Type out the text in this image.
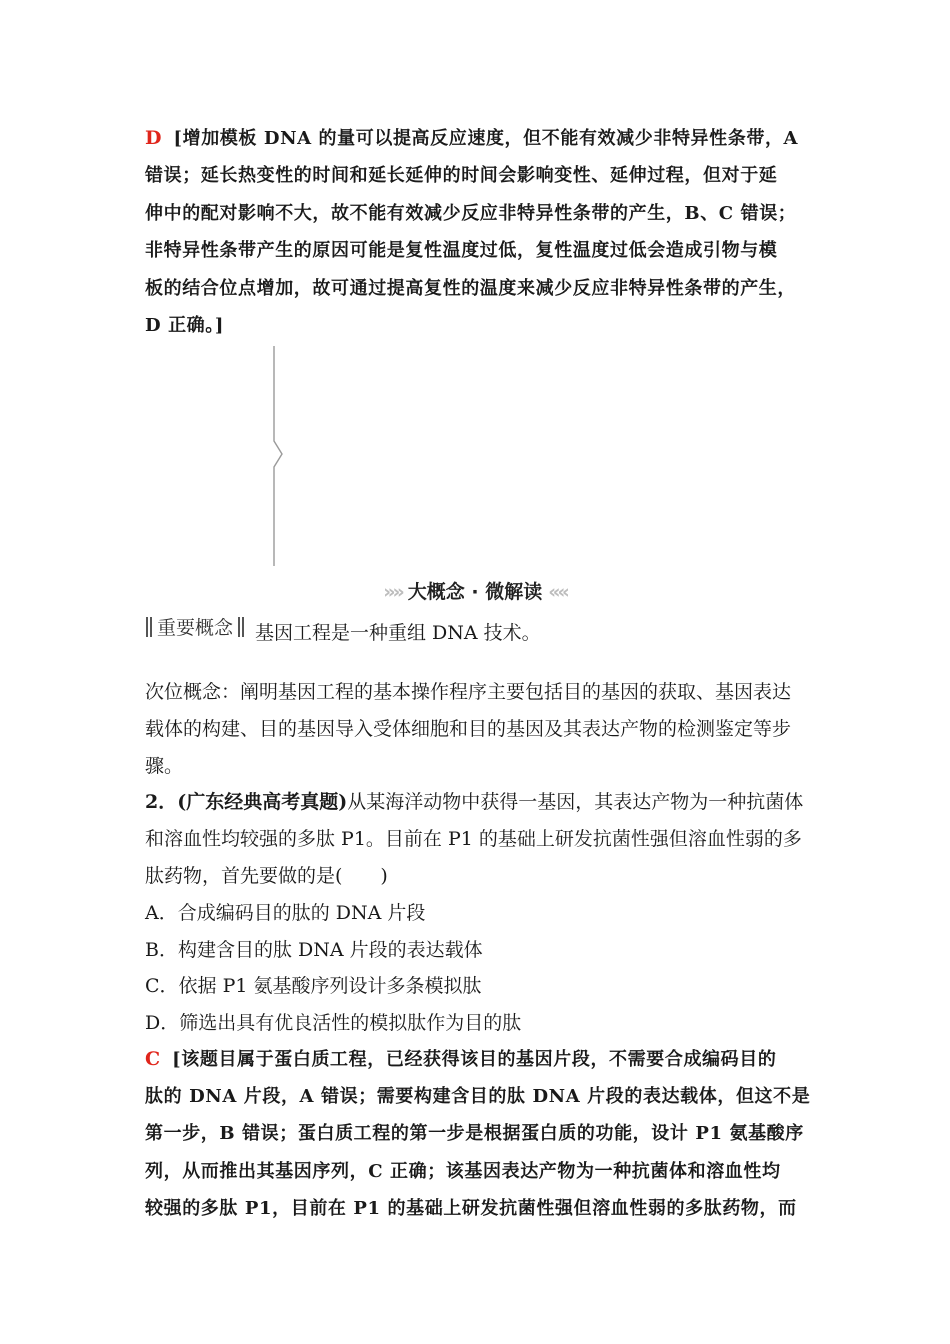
D [增加模板 DNA 的量可以提高反应速度，但不能有效减少非特异性条带，A
错误；延长热变性的时间和延长延伸的时间会影响变性、延伸过程，但对于延
伸中的配对影响不大，故不能有效减少反应非特异性条带的产生，B、C 错误；
非特异性条带产生的原因可能是复性温度过低，复性温度过低会造成引物与模
板的结合位点增加，故可通过提高复性的温度来减少反应非特异性条带的产生，
D 正确。]
»» 大概念 · 微解读 ««
重要概念	基因工程是一种重组 DNA 技术。
次位概念：阐明基因工程的基本操作程序主要包括目的基因的获取、基因表达
载体的构建、目的基因导入受体细胞和目的基因及其表达产物的检测鉴定等步
骤。
2．(广东经典高考真题)从某海洋动物中获得一基因，其表达产物为一种抗菌体
和溶血性均较强的多肽 P1。目前在 P1 的基础上研发抗菌性强但溶血性弱的多
肽药物，首先要做的是(　　)
A．合成编码目的肽的 DNA 片段
B．构建含目的肽 DNA 片段的表达载体
C．依据 P1 氨基酸序列设计多条模拟肽
D．筛选出具有优良活性的模拟肽作为目的肽
C [该题目属于蛋白质工程，已经获得该目的基因片段，不需要合成编码目的
肽的 DNA 片段，A 错误；需要构建含目的肽 DNA 片段的表达载体，但这不是
第一步，B 错误；蛋白质工程的第一步是根据蛋白质的功能，设计 P1 氨基酸序
列，从而推出其基因序列，C 正确；该基因表达产物为一种抗菌体和溶血性均
较强的多肽 P1，目前在 P1 的基础上研发抗菌性强但溶血性弱的多肽药物，而
